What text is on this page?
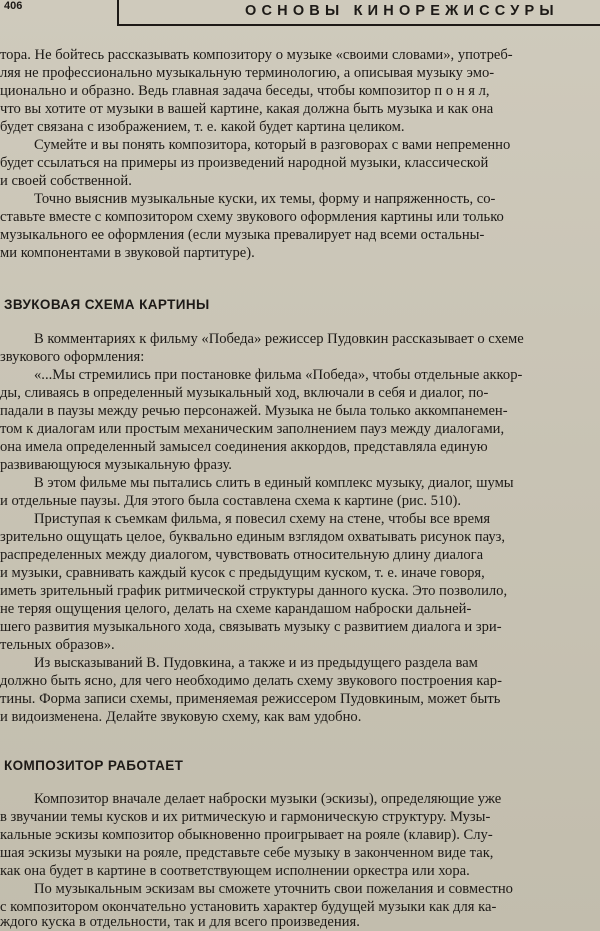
406	ОСНОВЫ КИНОРЕЖИССУРЫ
тора. Не бойтесь рассказывать композитору о музыке «своими словами», употреб-
ляя не профессионально музыкальную терминологию, а описывая музыку эмо-
ционально и образно. Ведь главная задача беседы, чтобы композитор п о н я л,
что вы хотите от музыки в вашей картине, какая должна быть музыка и как она
будет связана с изображением, т. е. какой будет картина целиком.
Сумейте и вы понять композитора, который в разговорах с вами непременно
будет ссылаться на примеры из произведений народной музыки, классической
и своей собственной.
Точно выяснив музыкальные куски, их темы, форму и напряженность, со-
ставьте вместе с композитором схему звукового оформления картины или только
музыкального ее оформления (если музыка превалирует над всеми остальны-
ми компонентами в звуковой партитуре).
ЗВУКОВАЯ СХЕМА КАРТИНЫ
В комментариях к фильму «Победа» режиссер Пудовкин рассказывает о схеме
звукового оформления:
«...Мы стремились при постановке фильма «Победа», чтобы отдельные аккор-
ды, сливаясь в определенный музыкальный ход, включали в себя и диалог, по-
падали в паузы между речью персонажей. Музыка не была только аккомпанемен-
том к диалогам или простым механическим заполнением пауз между диалогами,
она имела определенный замысел соединения аккордов, представляла единую
развивающуюся музыкальную фразу.
В этом фильме мы пытались слить в единый комплекс музыку, диалог, шумы
и отдельные паузы. Для этого была составлена схема к картине (рис. 510).
Приступая к съемкам фильма, я повесил схему на стене, чтобы все время
зрительно ощущать целое, буквально единым взглядом охватывать рисунок пауз,
распределенных между диалогом, чувствовать относительную длину диалога
и музыки, сравнивать каждый кусок с предыдущим куском, т. е. иначе говоря,
иметь зрительный график ритмической структуры данного куска. Это позволило,
не теряя ощущения целого, делать на схеме карандашом наброски дальней-
шего развития музыкального хода, связывать музыку с развитием диалога и зри-
тельных образов».
Из высказываний В. Пудовкина, а также и из предыдущего раздела вам
должно быть ясно, для чего необходимо делать схему звукового построения кар-
тины. Форма записи схемы, применяемая режиссером Пудовкиным, может быть
и видоизменена. Делайте звуковую схему, как вам удобно.
КОМПОЗИТОР РАБОТАЕТ
Композитор вначале делает наброски музыки (эскизы), определяющие уже
в звучании темы кусков и их ритмическую и гармоническую структуру. Музы-
кальные эскизы композитор обыкновенно проигрывает на рояле (клавир). Слу-
шая эскизы музыки на рояле, представьте себе музыку в законченном виде так,
как она будет в картине в соответствующем исполнении оркестра или хора.
По музыкальным эскизам вы сможете уточнить свои пожелания и совместно
с композитором окончательно установить характер будущей музыки как для ка-
ждого куска в отдельности, так и для всего произведения.
